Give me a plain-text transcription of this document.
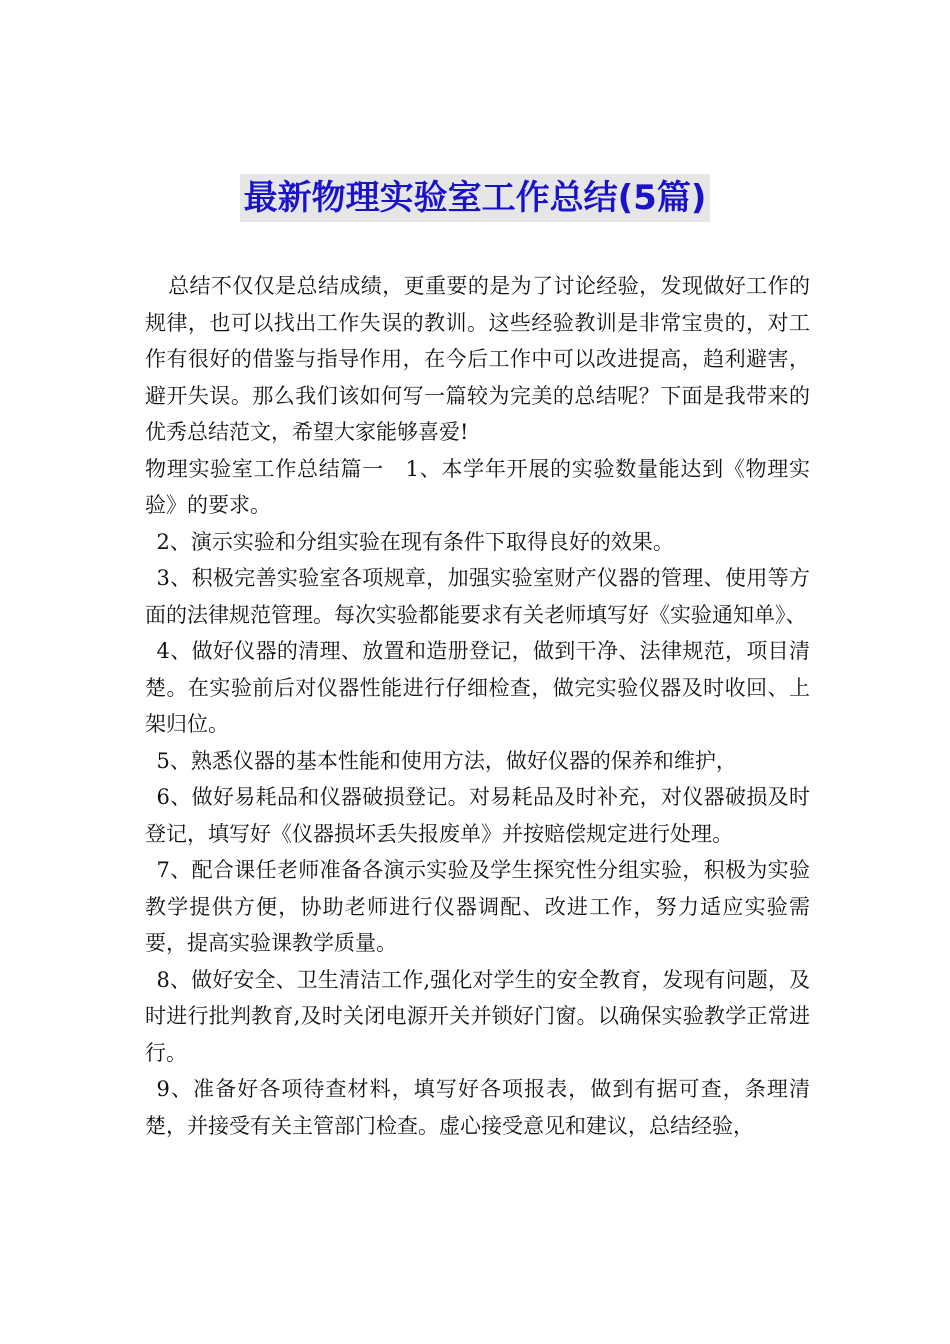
最新物理实验室工作总结(5篇)

总结不仅仅是总结成绩，更重要的是为了讨论经验，发现做好工作的规律，也可以找出工作失误的教训。这些经验教训是非常宝贵的，对工作有很好的借鉴与指导作用，在今后工作中可以改进提高，趋利避害，避开失误。那么我们该如何写一篇较为完美的总结呢？下面是我带来的优秀总结范文，希望大家能够喜爱!

物理实验室工作总结篇一　1、本学年开展的实验数量能达到《物理实验》的要求。

2、演示实验和分组实验在现有条件下取得良好的效果。

3、积极完善实验室各项规章，加强实验室财产仪器的管理、使用等方面的法律规范管理。每次实验都能要求有关老师填写好《实验通知单》、

4、做好仪器的清理、放置和造册登记，做到干净、法律规范，项目清楚。在实验前后对仪器性能进行仔细检查，做完实验仪器及时收回、上架归位。

5、熟悉仪器的基本性能和使用方法，做好仪器的保养和维护，

6、做好易耗品和仪器破损登记。对易耗品及时补充，对仪器破损及时登记，填写好《仪器损坏丢失报废单》并按赔偿规定进行处理。

7、配合课任老师准备各演示实验及学生探究性分组实验，积极为实验教学提供方便，协助老师进行仪器调配、改进工作，努力适应实验需要，提高实验课教学质量。

8、做好安全、卫生清洁工作,强化对学生的安全教育，发现有问题，及时进行批判教育,及时关闭电源开关并锁好门窗。以确保实验教学正常进行。

9、准备好各项待查材料，填写好各项报表，做到有据可查，条理清楚，并接受有关主管部门检查。虚心接受意见和建议，总结经验，
